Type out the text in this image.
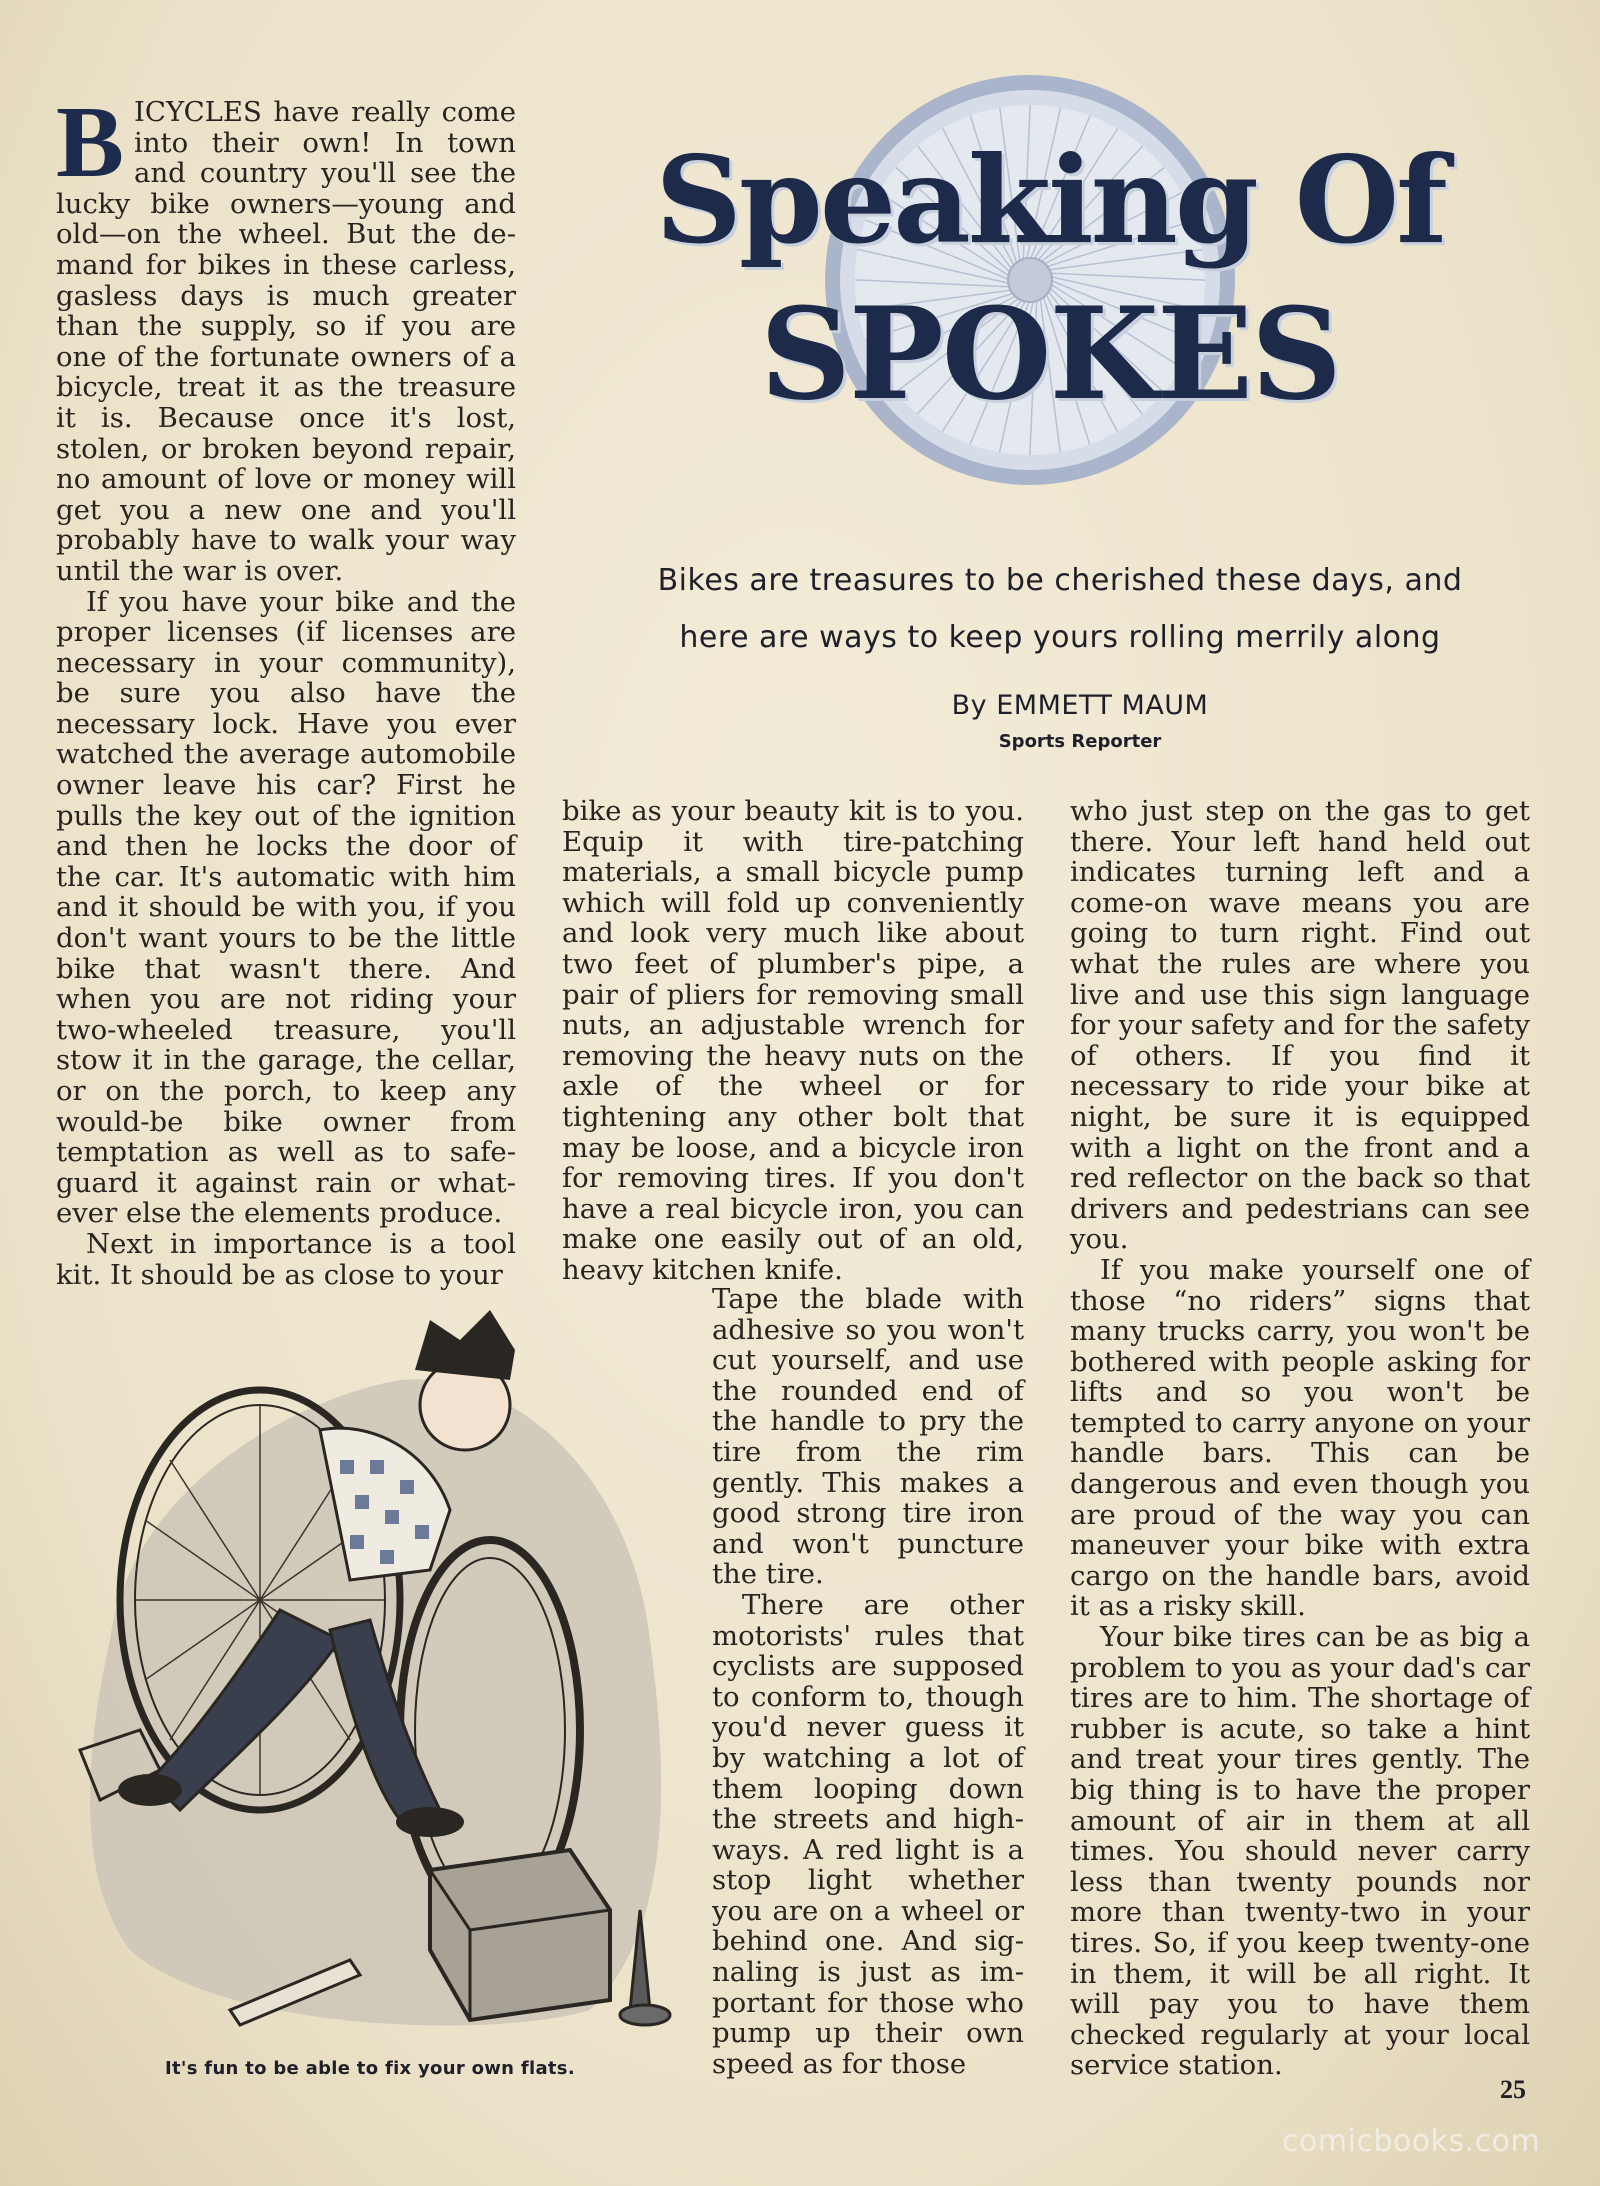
Speaking Of
SPOKES
Bikes are treasures to be cherished these days, and
here are ways to keep yours rolling merrily along
By EMMETT MAUM
Sports Reporter

BICYCLES have really come into their own! In town and country you'll see the lucky bike owners—young and old—on the wheel. But the demand for bikes in these carless, gasless days is much greater than the supply, so if you are one of the fortunate owners of a bicycle, treat it as the treasure it is. Because once it's lost, stolen, or broken beyond repair, no amount of love or money will get you a new one and you'll probably have to walk your way until the war is over.

If you have your bike and the proper licenses (if licenses are necessary in your community), be sure you also have the necessary lock. Have you ever watched the average automobile owner leave his car? First he pulls the key out of the ignition and then he locks the door of the car. It's automatic with him and it should be with you, if you don't want yours to be the little bike that wasn't there. And when you are not riding your two-wheeled treasure, you'll stow it in the garage, the cellar, or on the porch, to keep any would-be bike owner from temptation as well as to safeguard it against rain or whatever else the elements produce.

Next in importance is a tool kit. It should be as close to your

bike as your beauty kit is to you. Equip it with tire-patching materials, a small bicycle pump which will fold up conveniently and look very much like about two feet of plumber's pipe, a pair of pliers for removing small nuts, an adjustable wrench for removing the heavy nuts on the axle of the wheel or for tightening any other bolt that may be loose, and a bicycle iron for removing tires. If you don't have a real bicycle iron, you can make one easily out of an old, heavy kitchen knife.

Tape the blade with adhesive so you won't cut yourself, and use the rounded end of the handle to pry the tire from the rim gently. This makes a good strong tire iron and won't puncture the tire.

There are other motorists' rules that cyclists are supposed to conform to, though you'd never guess it by watching a lot of them looping down the streets and highways. A red light is a stop light whether you are on a wheel or behind one. And signaling is just as important for those who pump up their own speed as for those

who just step on the gas to get there. Your left hand held out indicates turning left and a come-on wave means you are going to turn right. Find out what the rules are where you live and use this sign language for your safety and for the safety of others. If you find it necessary to ride your bike at night, be sure it is equipped with a light on the front and a red reflector on the back so that drivers and pedestrians can see you.

If you make yourself one of those “no riders” signs that many trucks carry, you won't be bothered with people asking for lifts and so you won't be tempted to carry anyone on your handle bars. This can be dangerous and even though you are proud of the way you can maneuver your bike with extra cargo on the handle bars, avoid it as a risky skill.

Your bike tires can be as big a problem to you as your dad's car tires are to him. The shortage of rubber is acute, so take a hint and treat your tires gently. The big thing is to have the proper amount of air in them at all times. You should never carry less than twenty pounds nor more than twenty-two in your tires. So, if you keep twenty-one in them, it will be all right. It will pay you to have them checked regularly at your local service station.

It's fun to be able to fix your own flats.
25
comicbooks.com
